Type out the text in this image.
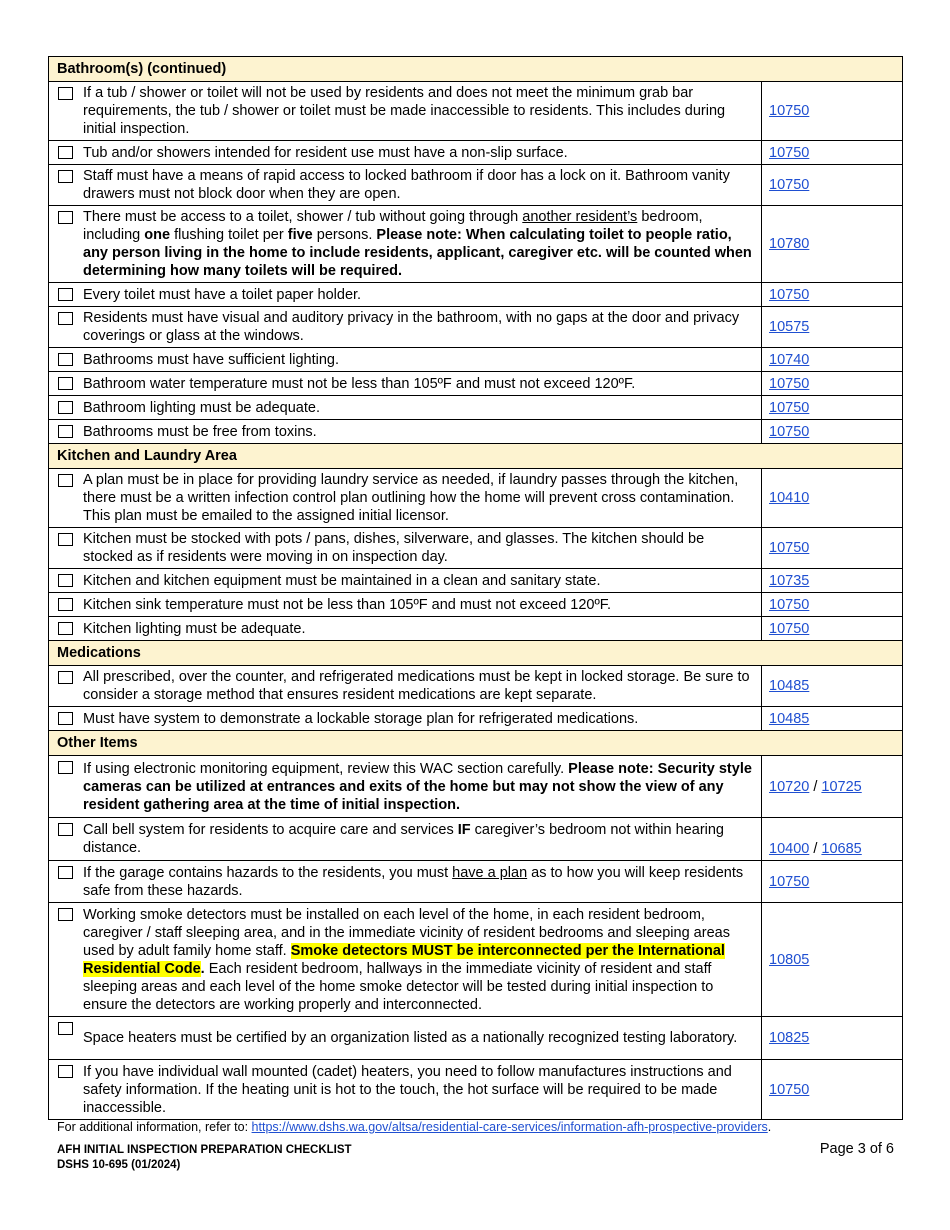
Bathroom(s) (continued)	

If a tub / shower or toilet will not be used by residents and does not meet the minimum grab bar requirements, the tub / shower or toilet must be made inaccessible to residents. This includes during initial inspection.	10750

Tub and/or showers intended for resident use must have a non-slip surface.	10750

Staff must have a means of rapid access to locked bathroom if door has a lock on it. Bathroom vanity drawers must not block door when they are open.	10750

There must be access to a toilet, shower / tub without going through another resident’s bedroom, including one flushing toilet per five persons. Please note: When calculating toilet to people ratio, any person living in the home to include residents, applicant, caregiver etc. will be counted when determining how many toilets will be required.	10780

Every toilet must have a toilet paper holder.	10750

Residents must have visual and auditory privacy in the bathroom, with no gaps at the door and privacy coverings or glass at the windows.	10575

Bathrooms must have sufficient lighting.	10740

Bathroom water temperature must not be less than 105ºF and must not exceed 120ºF.	10750

Bathroom lighting must be adequate.	10750

Bathrooms must be free from toxins.	10750
Kitchen and Laundry Area	

A plan must be in place for providing laundry service as needed, if laundry passes through the kitchen, there must be a written infection control plan outlining how the home will prevent cross contamination. This plan must be emailed to the assigned initial licensor.	10410

Kitchen must be stocked with pots / pans, dishes, silverware, and glasses. The kitchen should be stocked as if residents were moving in on inspection day.	10750

Kitchen and kitchen equipment must be maintained in a clean and sanitary state.	10735

Kitchen sink temperature must not be less than 105ºF and must not exceed 120ºF.	10750

Kitchen lighting must be adequate.	10750
Medications	

All prescribed, over the counter, and refrigerated medications must be kept in locked storage. Be sure to consider a storage method that ensures resident medications are kept separate.	10485

Must have system to demonstrate a lockable storage plan for refrigerated medications.	10485
Other Items	

If using electronic monitoring equipment, review this WAC section carefully. Please note: Security style cameras can be utilized at entrances and exits of the home but may not show the view of any resident gathering area at the time of initial inspection.	10720 / 10725

Call bell system for residents to acquire care and services IF caregiver’s bedroom not within hearing distance.	10400 / 10685

If the garage contains hazards to the residents, you must have a plan as to how you will keep residents safe from these hazards.	10750

Working smoke detectors must be installed on each level of the home, in each resident bedroom, caregiver / staff sleeping area, and in the immediate vicinity of resident bedrooms and sleeping areas used by adult family home staff. Smoke detectors MUST be interconnected per the International Residential Code. Each resident bedroom, hallways in the immediate vicinity of resident and staff sleeping areas and each level of the home smoke detector will be tested during initial inspection to ensure the detectors are working properly and interconnected.	10805

Space heaters must be certified by an organization listed as a nationally recognized testing laboratory.	10825

If you have individual wall mounted (cadet) heaters, you need to follow manufactures instructions and safety information. If the heating unit is hot to the touch, the hot surface will be required to be made inaccessible.	10750
For additional information, refer to: https://www.dshs.wa.gov/altsa/residential-care-services/information-afh-prospective-providers.
AFH INITIAL INSPECTION PREPARATION CHECKLIST
DSHS 10-695 (01/2024)
Page 3 of 6
